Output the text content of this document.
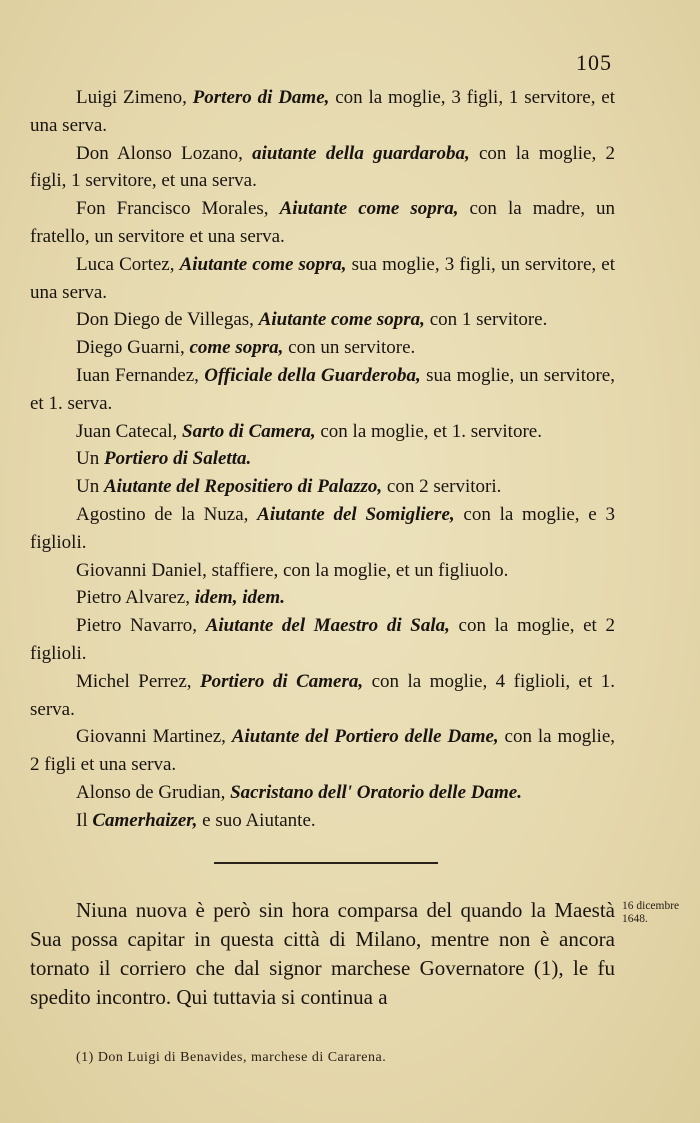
105

Luigi Zimeno, Portero di Dame, con la moglie, 3 figli, 1 servitore, et una serva.

Don Alonso Lozano, aiutante della guardaroba, con la moglie, 2 figli, 1 servitore, et una serva.

Fon Francisco Morales, Aiutante come sopra, con la madre, un fratello, un servitore et una serva.

Luca Cortez, Aiutante come sopra, sua moglie, 3 figli, un servitore, et una serva.

Don Diego de Villegas, Aiutante come sopra, con 1 servitore.

Diego Guarni, come sopra, con un servitore.

Iuan Fernandez, Officiale della Guarderoba, sua moglie, un servitore, et 1. serva.

Juan Catecal, Sarto di Camera, con la moglie, et 1. servitore.

Un Portiero di Saletta.

Un Aiutante del Repositiero di Palazzo, con 2 servitori.

Agostino de la Nuza, Aiutante del Somigliere, con la moglie, e 3 figlioli.

Giovanni Daniel, staffiere, con la moglie, et un figliuolo.

Pietro Alvarez, idem, idem.

Pietro Navarro, Aiutante del Maestro di Sala, con la moglie, et 2 figlioli.

Michel Perrez, Portiero di Camera, con la moglie, 4 figlioli, et 1. serva.

Giovanni Martinez, Aiutante del Portiero delle Dame, con la moglie, 2 figli et una serva.

Alonso de Grudian, Sacristano dell' Oratorio delle Dame.

Il Camerhaizer, e suo Aiutante.

Niuna nuova è però sin hora comparsa del quando la Maestà Sua possa capitar in questa città di Milano, mentre non è ancora tornato il corriero che dal signor marchese Governatore (1), le fu spedito incontro. Qui tuttavia si continua a

16 dicembre 1648.
(1) Don Luigi di Benavides, marchese di Cararena.
